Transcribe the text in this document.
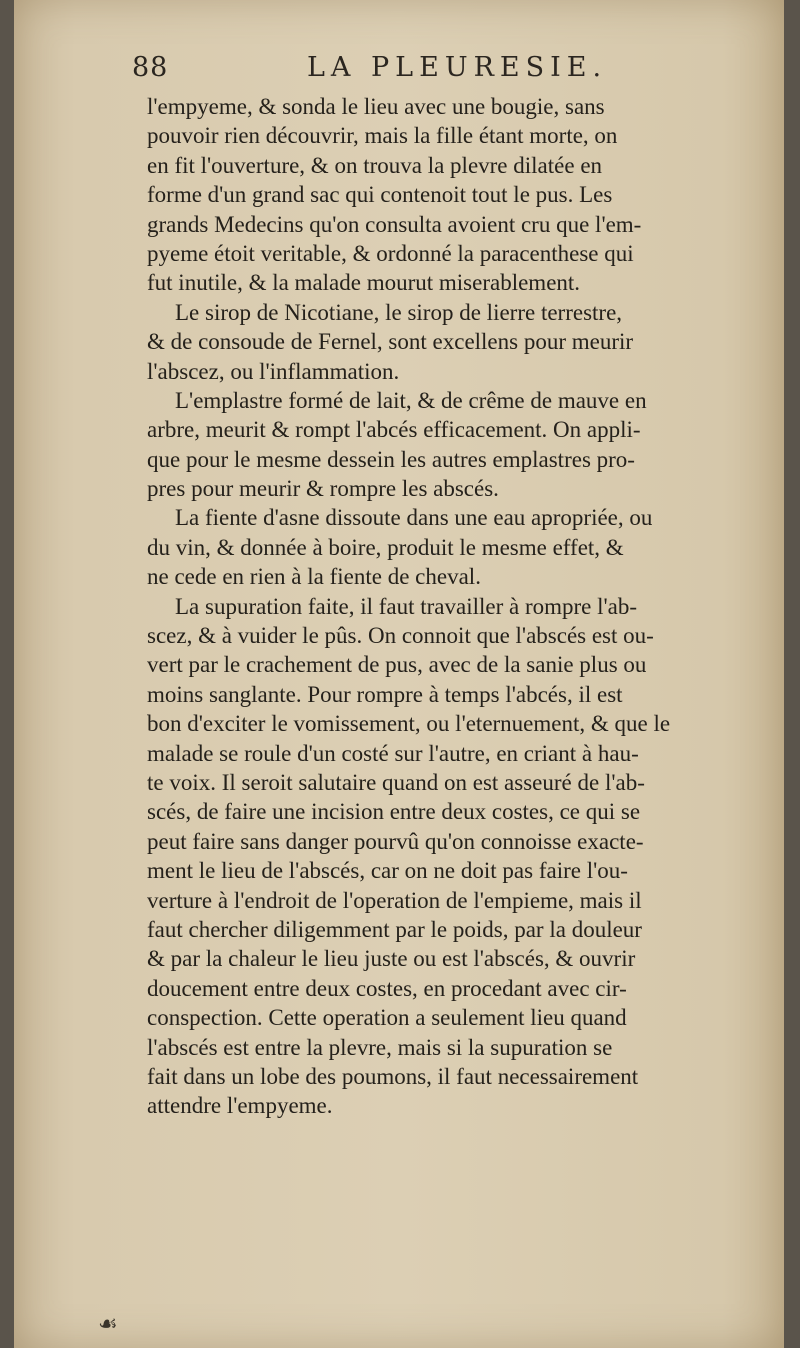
88	LA PLEURESIE.
l'empyeme, & sonda le lieu avec une bougie, sans
pouvoir rien découvrir, mais la fille étant morte, on
en fit l'ouverture, & on trouva la plevre dilatée en
forme d'un grand sac qui contenoit tout le pus. Les
grands Medecins qu'on consulta avoient cru que l'em-
pyeme étoit veritable, & ordonné la paracenthese qui
fut inutile, & la malade mourut miserablement.
Le sirop de Nicotiane, le sirop de lierre terrestre,
& de consoude de Fernel, sont excellens pour meurir
l'abscez, ou l'inflammation.
L'emplastre formé de lait, & de crême de mauve en
arbre, meurit & rompt l'abcés efficacement. On appli-
que pour le mesme dessein les autres emplastres pro-
pres pour meurir & rompre les abscés.
La fiente d'asne dissoute dans une eau apropriée, ou
du vin, & donnée à boire, produit le mesme effet, &
ne cede en rien à la fiente de cheval.
La supuration faite, il faut travailler à rompre l'ab-
scez, & à vuider le pûs. On connoit que l'abscés est ou-
vert par le crachement de pus, avec de la sanie plus ou
moins sanglante. Pour rompre à temps l'abcés, il est
bon d'exciter le vomissement, ou l'eternuement, & que le
malade se roule d'un costé sur l'autre, en criant à hau-
te voix. Il seroit salutaire quand on est asseuré de l'ab-
scés, de faire une incision entre deux costes, ce qui se
peut faire sans danger pourvû qu'on connoisse exacte-
ment le lieu de l'abscés, car on ne doit pas faire l'ou-
verture à l'endroit de l'operation de l'empieme, mais il
faut chercher diligemment par le poids, par la douleur
& par la chaleur le lieu juste ou est l'abscés, & ouvrir
doucement entre deux costes, en procedant avec cir-
conspection. Cette operation a seulement lieu quand
l'abscés est entre la plevre, mais si la supuration se
fait dans un lobe des poumons, il faut necessairement
attendre l'empyeme.
☙
